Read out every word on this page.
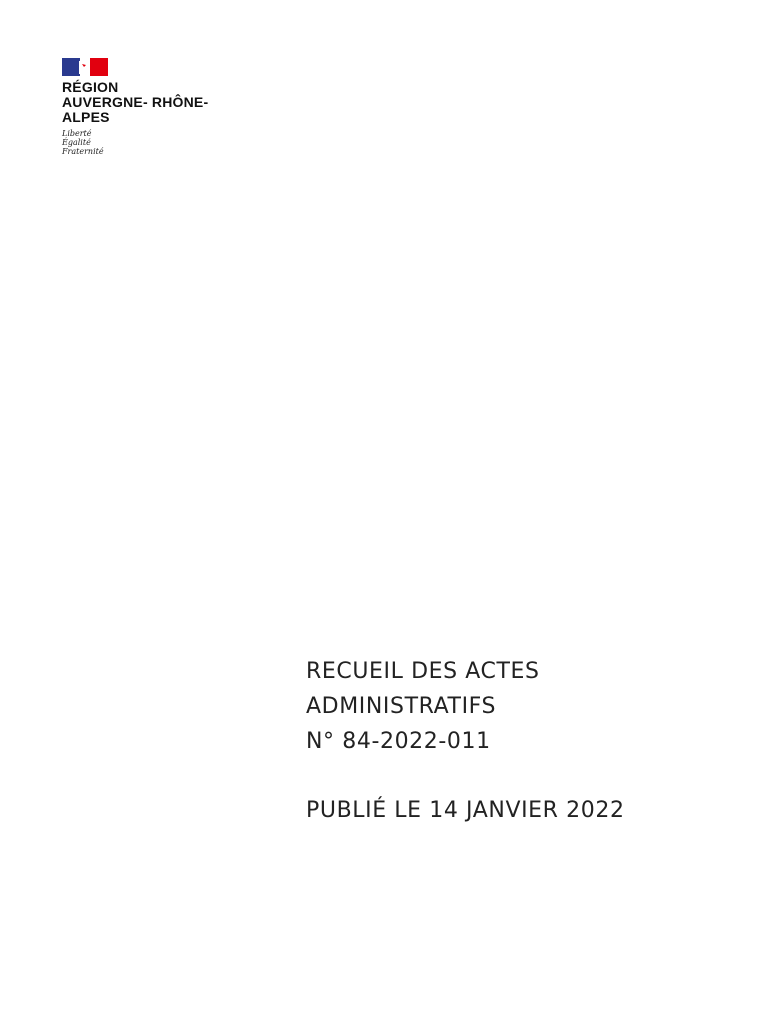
RÉGION
AUVERGNE- RHÔNE-
ALPES
Liberté
Égalité
Fraternité
RECUEIL DES ACTES
ADMINISTRATIFS
N° 84-2022-011
PUBLIÉ LE 14 JANVIER 2022
